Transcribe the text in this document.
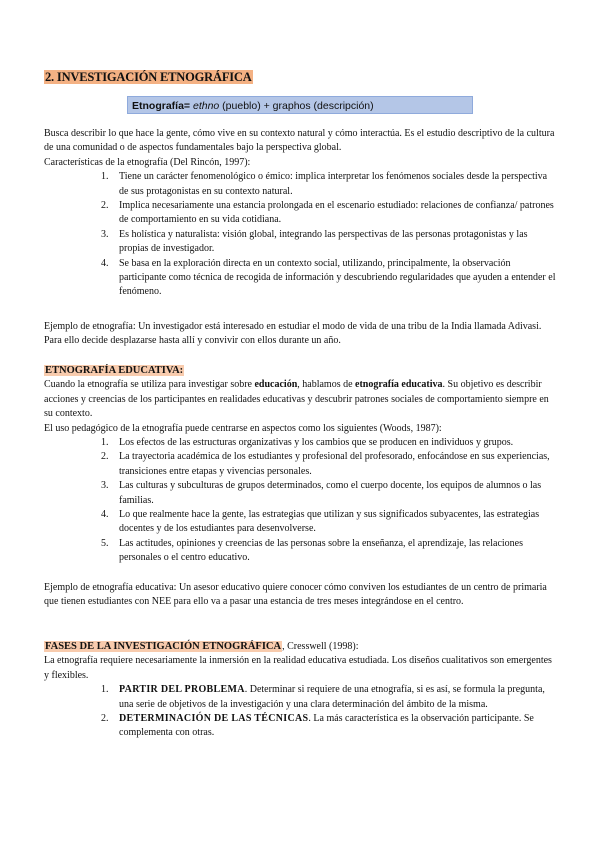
2. INVESTIGACIÓN ETNOGRÁFICA
Etnografía= ethno (pueblo) + graphos (descripción)

Busca describir lo que hace la gente, cómo vive en su contexto natural y cómo interactúa. Es el estudio descriptivo de la cultura de una comunidad o de aspectos fundamentales bajo la perspectiva global.

Características de la etnografía (Del Rincón, 1997):

1. Tiene un carácter fenomenológico o émico: implica interpretar los fenómenos sociales desde la perspectiva de sus protagonistas en su contexto natural.
2. Implica necesariamente una estancia prolongada en el escenario estudiado: relaciones de confianza/ patrones de comportamiento en su vida cotidiana.
3. Es holística y naturalista: visión global, integrando las perspectivas de las personas protagonistas y las propias de investigador.
4. Se basa en la exploración directa en un contexto social, utilizando, principalmente, la observación participante como técnica de recogida de información y descubriendo regularidades que ayuden a entender el fenómeno.

Ejemplo de etnografía: Un investigador está interesado en estudiar el modo de vida de una tribu de la India llamada Adivasi. Para ello decide desplazarse hasta allí y convivir con ellos durante un año.

ETNOGRAFÍA EDUCATIVA:

Cuando la etnografía se utiliza para investigar sobre educación, hablamos de etnografía educativa. Su objetivo es describir acciones y creencias de los participantes en realidades educativas y descubrir patrones sociales de comportamiento siempre en su contexto.

El uso pedagógico de la etnografía puede centrarse en aspectos como los siguientes (Woods, 1987):

1. Los efectos de las estructuras organizativas y los cambios que se producen en individuos y grupos.
2. La trayectoria académica de los estudiantes y profesional del profesorado, enfocándose en sus experiencias, transiciones entre etapas y vivencias personales.
3. Las culturas y subculturas de grupos determinados, como el cuerpo docente, los equipos de alumnos o las familias.
4. Lo que realmente hace la gente, las estrategias que utilizan y sus significados subyacentes, las estrategias docentes y de los estudiantes para desenvolverse.
5. Las actitudes, opiniones y creencias de las personas sobre la enseñanza, el aprendizaje, las relaciones personales o el centro educativo.

Ejemplo de etnografía educativa: Un asesor educativo quiere conocer cómo conviven los estudiantes de un centro de primaria que tienen estudiantes con NEE para ello va a pasar una estancia de tres meses integrándose en el centro.

FASES DE LA INVESTIGACIÓN ETNOGRÁFICA, Cresswell (1998):

La etnografía requiere necesariamente la inmersión en la realidad educativa estudiada. Los diseños cualitativos son emergentes y flexibles.

1. PARTIR DEL PROBLEMA. Determinar si requiere de una etnografía, si es así, se formula la pregunta, una serie de objetivos de la investigación y una clara determinación del ámbito de la misma.
2. DETERMINACIÓN DE LAS TÉCNICAS. La más característica es la observación participante. Se complementa con otras.
